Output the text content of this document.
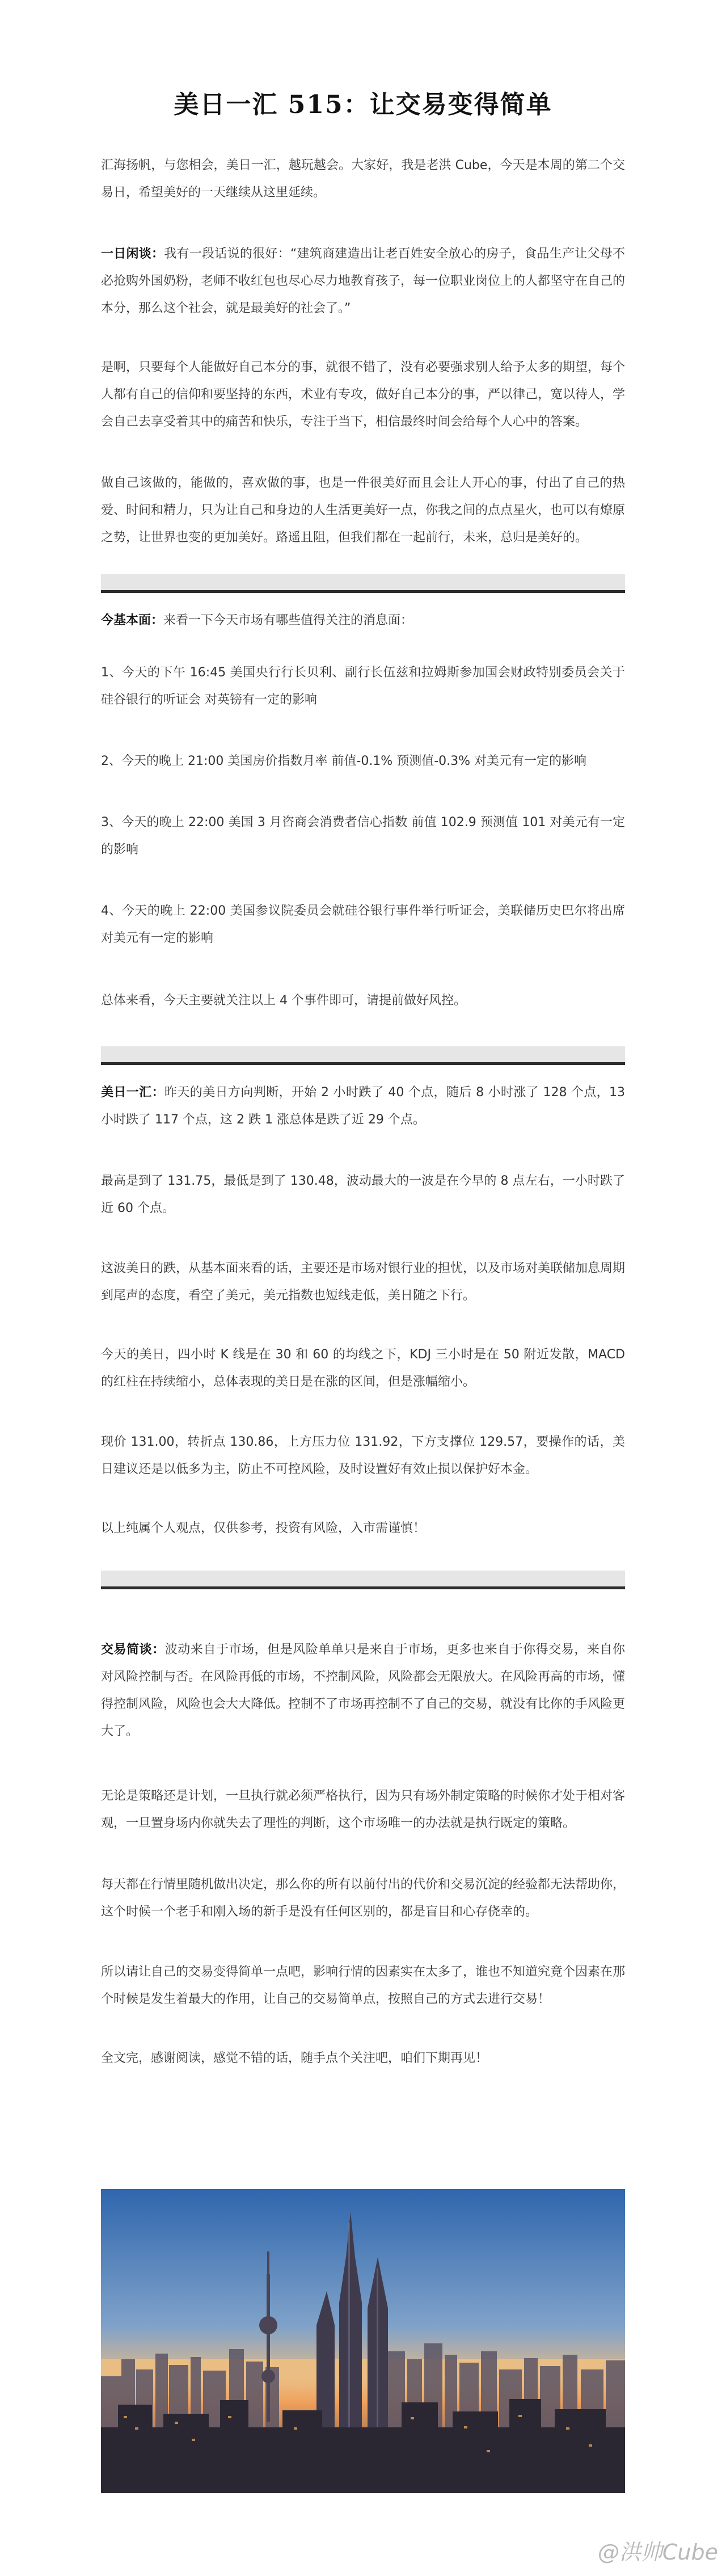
美日一汇 515：让交易变得简单

汇海扬帆，与您相会，美日一汇，越玩越会。大家好，我是老洪 Cube，今天是本周的第二个交易日，希望美好的一天继续从这里延续。

一日闲谈：我有一段话说的很好：“建筑商建造出让老百姓安全放心的房子，食品生产让父母不必抢购外国奶粉，老师不收红包也尽心尽力地教育孩子，每一位职业岗位上的人都坚守在自己的本分，那么这个社会，就是最美好的社会了。”

是啊，只要每个人能做好自己本分的事，就很不错了，没有必要强求别人给予太多的期望，每个人都有自己的信仰和要坚持的东西，术业有专攻，做好自己本分的事，严以律己，宽以待人，学会自己去享受着其中的痛苦和快乐，专注于当下，相信最终时间会给每个人心中的答案。

做自己该做的，能做的，喜欢做的事，也是一件很美好而且会让人开心的事，付出了自己的热爱、时间和精力，只为让自己和身边的人生活更美好一点，你我之间的点点星火，也可以有燎原之势，让世界也变的更加美好。路遥且阻，但我们都在一起前行，未来，总归是美好的。

今基本面：来看一下今天市场有哪些值得关注的消息面：

1、今天的下午 16:45 美国央行行长贝利、副行长伍兹和拉姆斯参加国会财政特别委员会关于硅谷银行的听证会 对英镑有一定的影响

2、今天的晚上 21:00 美国房价指数月率 前值-0.1% 预测值-0.3% 对美元有一定的影响

3、今天的晚上 22:00 美国 3 月咨商会消费者信心指数 前值 102.9 预测值 101 对美元有一定的影响

4、今天的晚上 22:00 美国参议院委员会就硅谷银行事件举行听证会，美联储历史巴尔将出席 对美元有一定的影响

总体来看，今天主要就关注以上 4 个事件即可，请提前做好风控。

美日一汇：昨天的美日方向判断，开始 2 小时跌了 40 个点，随后 8 小时涨了 128 个点，13 小时跌了 117 个点，这 2 跌 1 涨总体是跌了近 29 个点。

最高是到了 131.75，最低是到了 130.48，波动最大的一波是在今早的 8 点左右，一小时跌了近 60 个点。

这波美日的跌，从基本面来看的话，主要还是市场对银行业的担忧，以及市场对美联储加息周期到尾声的态度，看空了美元，美元指数也短线走低，美日随之下行。

今天的美日，四小时 K 线是在 30 和 60 的均线之下，KDJ 三小时是在 50 附近发散，MACD 的红柱在持续缩小，总体表现的美日是在涨的区间，但是涨幅缩小。

现价 131.00，转折点 130.86，上方压力位 131.92，下方支撑位 129.57，要操作的话，美日建议还是以低多为主，防止不可控风险，及时设置好有效止损以保护好本金。

以上纯属个人观点，仅供参考，投资有风险，入市需谨慎！

交易简谈：波动来自于市场，但是风险单单只是来自于市场，更多也来自于你得交易，来自你对风险控制与否。在风险再低的市场，不控制风险，风险都会无限放大。在风险再高的市场，懂得控制风险，风险也会大大降低。控制不了市场再控制不了自己的交易，就没有比你的手风险更大了。

无论是策略还是计划，一旦执行就必须严格执行，因为只有场外制定策略的时候你才处于相对客观，一旦置身场内你就失去了理性的判断，这个市场唯一的办法就是执行既定的策略。

每天都在行情里随机做出决定，那么你的所有以前付出的代价和交易沉淀的经验都无法帮助你，这个时候一个老手和刚入场的新手是没有任何区别的，都是盲目和心存侥幸的。

所以请让自己的交易变得简单一点吧，影响行情的因素实在太多了，谁也不知道究竟个因素在那个时候是发生着最大的作用，让自己的交易简单点，按照自己的方式去进行交易！

全文完，感谢阅读，感觉不错的话，随手点个关注吧，咱们下期再见！

@洪帅Cube
